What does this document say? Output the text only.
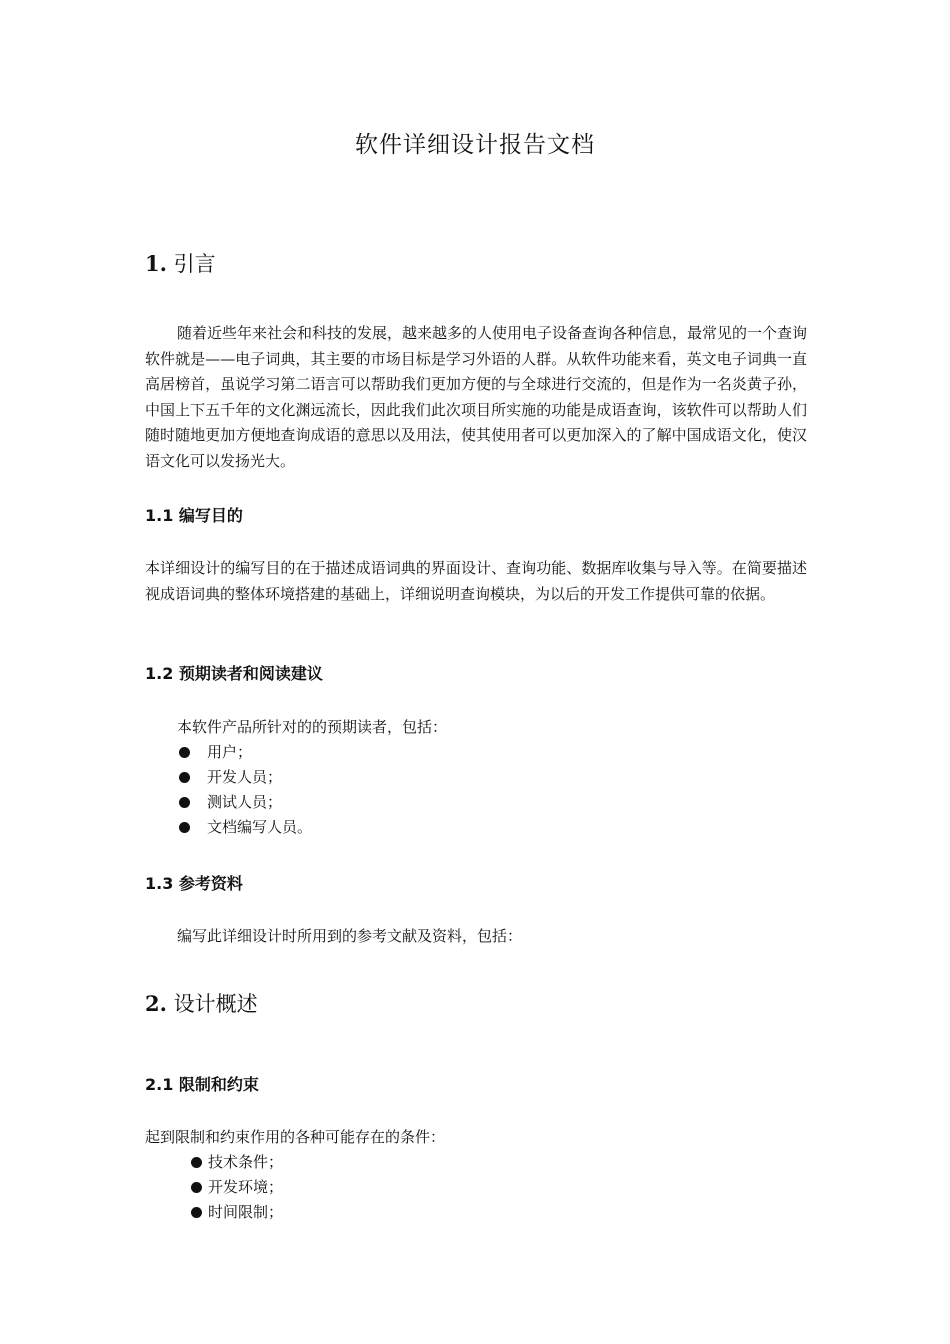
软件详细设计报告文档
1. 引言

随着近些年来社会和科技的发展，越来越多的人使用电子设备查询各种信息，最常见的一个查询软件就是——电子词典，其主要的市场目标是学习外语的人群。从软件功能来看，英文电子词典一直高居榜首，虽说学习第二语言可以帮助我们更加方便的与全球进行交流的，但是作为一名炎黄子孙，中国上下五千年的文化渊远流长，因此我们此次项目所实施的功能是成语查询，该软件可以帮助人们随时随地更加方便地查询成语的意思以及用法，使其使用者可以更加深入的了解中国成语文化，使汉语文化可以发扬光大。

1.1 编写目的

本详细设计的编写目的在于描述成语词典的界面设计、查询功能、数据库收集与导入等。在简要描述视成语词典的整体环境搭建的基础上，详细说明查询模块，为以后的开发工作提供可靠的依据。

1.2 预期读者和阅读建议

本软件产品所针对的的预期读者，包括：

用户；
开发人员；
测试人员；
文档编写人员。
1.3 参考资料

编写此详细设计时所用到的参考文献及资料，包括：

2. 设计概述
2.1 限制和约束

起到限制和约束作用的各种可能存在的条件：

技术条件；
开发环境；
时间限制；
